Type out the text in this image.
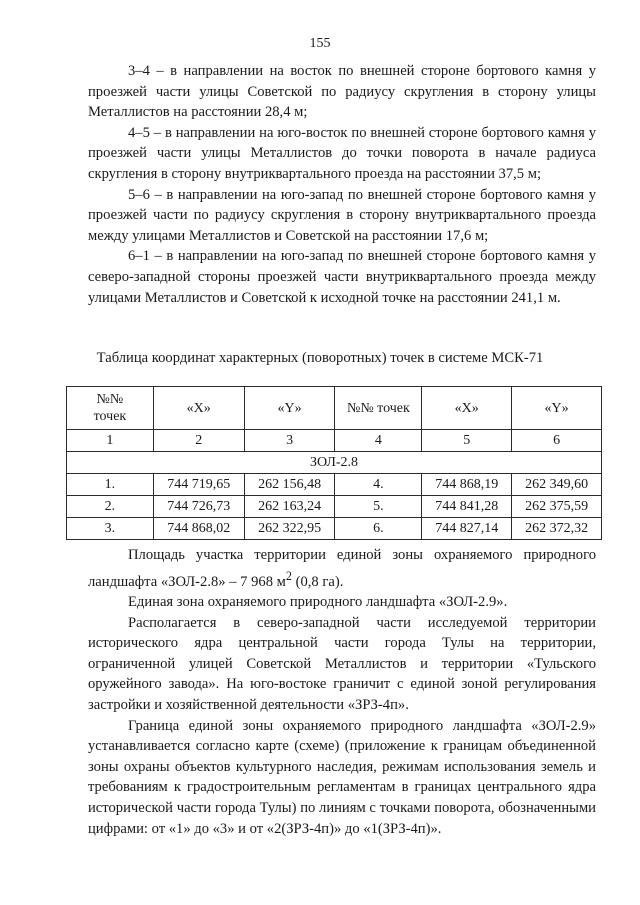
155

3–4 – в направлении на восток по внешней стороне бортового камня у проезжей части улицы Советской по радиусу скругления в сторону улицы Металлистов на расстоянии 28,4 м;

4–5 – в направлении на юго-восток по внешней стороне бортового камня у проезжей части улицы Металлистов до точки поворота в начале радиуса скругления в сторону внутриквартального проезда на расстоянии 37,5 м;

5–6 – в направлении на юго-запад по внешней стороне бортового камня у проезжей части по радиусу скругления в сторону внутриквартального проезда между улицами Металлистов и Советской на расстоянии 17,6 м;

6–1 – в направлении на юго-запад по внешней стороне бортового камня у северо-западной стороны проезжей части внутриквартального проезда между улицами Металлистов и Советской к исходной точке на расстоянии 241,1 м.

Таблица координат характерных (поворотных) точек в системе МСК-71
№№
точек	«X»	«Y»	№№ точек	«X»	«Y»
1	2	3	4	5	6
ЗОЛ-2.8					
1.	744 719,65	262 156,48	4.	744 868,19	262 349,60
2.	744 726,73	262 163,24	5.	744 841,28	262 375,59
3.	744 868,02	262 322,95	6.	744 827,14	262 372,32

Площадь участка территории единой зоны охраняемого природного ландшафта «ЗОЛ-2.8» – 7 968 $м^2$ (0,8 га).

Единая зона охраняемого природного ландшафта «ЗОЛ-2.9».

Располагается в северо-западной части исследуемой территории исторического ядра центральной части города Тулы на территории, ограниченной улицей Советской Металлистов и территории «Тульского оружейного завода». На юго-востоке граничит с единой зоной регулирования застройки и хозяйственной деятельности «ЗРЗ-4п».

Граница единой зоны охраняемого природного ландшафта «ЗОЛ-2.9» устанавливается согласно карте (схеме) (приложение к границам объединенной зоны охраны объектов культурного наследия, режимам использования земель и требованиям к градостроительным регламентам в границах центрального ядра исторической части города Тулы) по линиям с точками поворота, обозначенными цифрами: от «1» до «3» и от «2(ЗРЗ-4п)» до «1(ЗРЗ-4п)».
